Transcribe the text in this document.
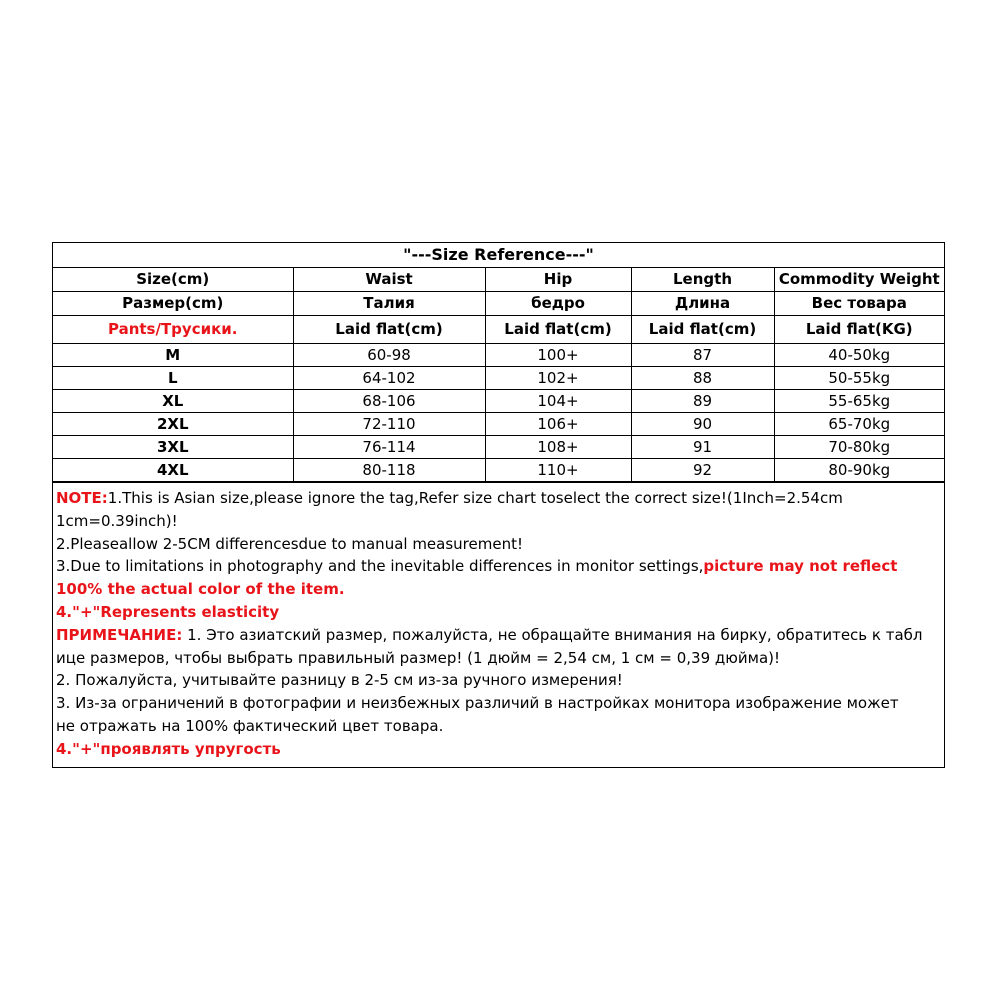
"---Size Reference---"				
Size(cm)	Waist	Hip	Length	Commodity Weight
Размер(cm)	Талия	бедро	Длина	Вес товара
Pants/Трусики.	Laid flat(cm)	Laid flat(cm)	Laid flat(cm)	Laid flat(KG)
M	60-98	100+	87	40-50kg
L	64-102	102+	88	50-55kg
XL	68-106	104+	89	55-65kg
2XL	72-110	106+	90	65-70kg
3XL	76-114	108+	91	70-80kg
4XL	80-118	110+	92	80-90kg

NOTE:1.This is Asian size,please ignore the tag,Refer size chart toselect the correct size!(1Inch=2.54cm

1cm=0.39inch)!

2.Pleaseallow 2-5CM differencesdue to manual measurement!

3.Due to limitations in photography and the inevitable differences in monitor settings,picture may not reflect

100% the actual color of the item.

4."+"Represents elasticity

ПРИМЕЧАНИЕ: 1. Это азиатский размер, пожалуйста, не обращайте внимания на бирку, обратитесь к табл

ице размеров, чтобы выбрать правильный размер! (1 дюйм = 2,54 см, 1 см = 0,39 дюйма)!

2. Пожалуйста, учитывайте разницу в 2-5 см из-за ручного измерения!

3. Из-за ограничений в фотографии и неизбежных различий в настройках монитора изображение может

не отражать на 100% фактический цвет товара.

4."+"проявлять упругость
